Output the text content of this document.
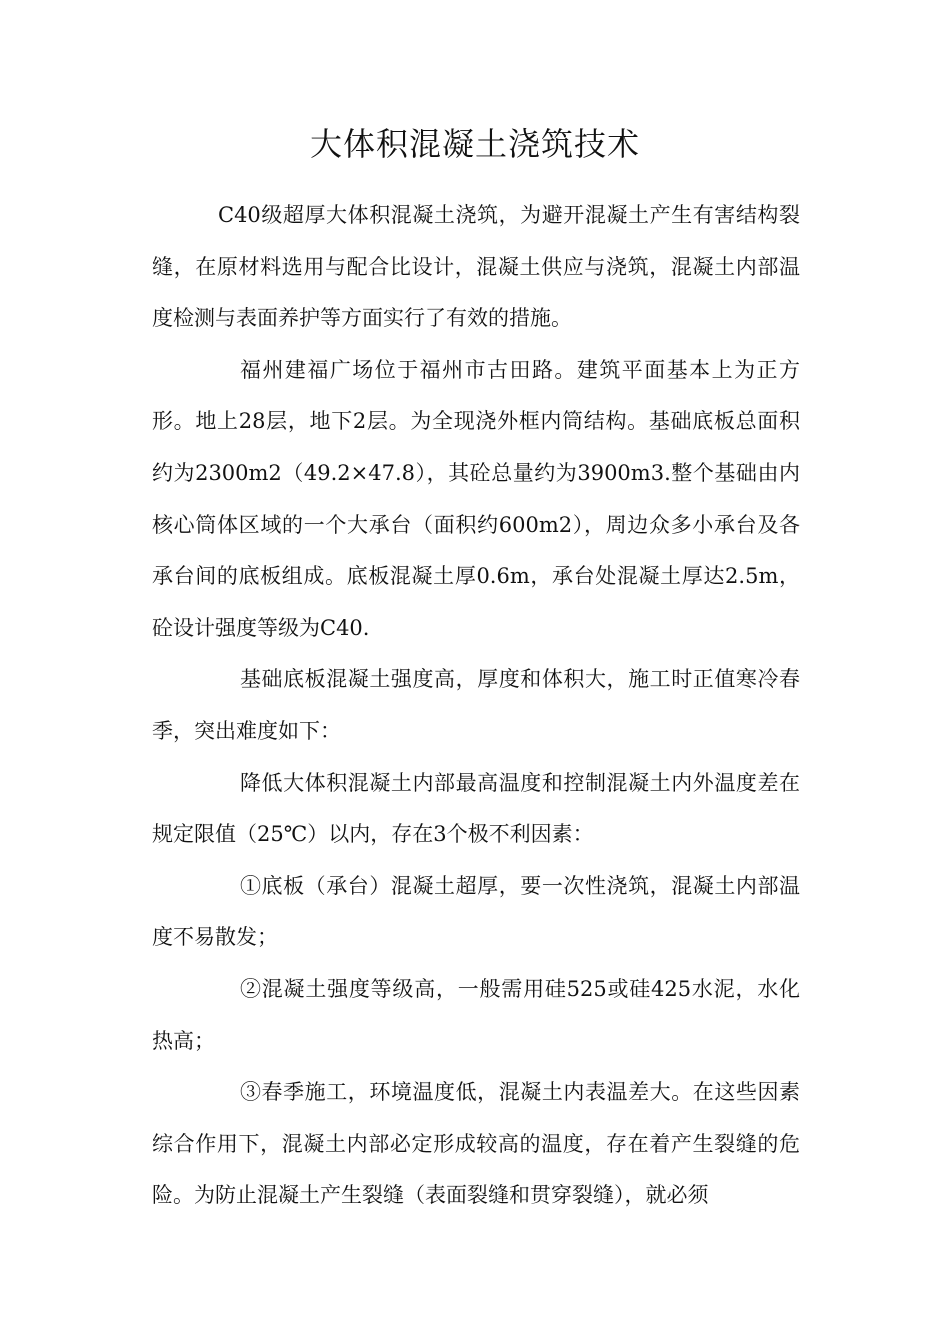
大体积混凝土浇筑技术

C40级超厚大体积混凝土浇筑，为避开混凝土产生有害结构裂缝，在原材料选用与配合比设计，混凝土供应与浇筑，混凝土内部温度检测与表面养护等方面实行了有效的措施。

福州建福广场位于福州市古田路。建筑平面基本上为正方形。地上28层，地下2层。为全现浇外框内筒结构。基础底板总面积约为2300m2（49.2×47.8），其砼总量约为3900m3.整个基础由内核心筒体区域的一个大承台（面积约600m2），周边众多小承台及各承台间的底板组成。底板混凝土厚0.6m，承台处混凝土厚达2.5m，砼设计强度等级为C40.

基础底板混凝土强度高，厚度和体积大，施工时正值寒冷春季，突出难度如下：

降低大体积混凝土内部最高温度和控制混凝土内外温度差在规定限值（25℃）以内，存在3个极不利因素：

①底板（承台）混凝土超厚，要一次性浇筑，混凝土内部温度不易散发；

②混凝土强度等级高，一般需用硅525或硅425水泥，水化热高；

③春季施工，环境温度低，混凝土内表温差大。在这些因素综合作用下，混凝土内部必定形成较高的温度，存在着产生裂缝的危险。为防止混凝土产生裂缝（表面裂缝和贯穿裂缝），就必须
